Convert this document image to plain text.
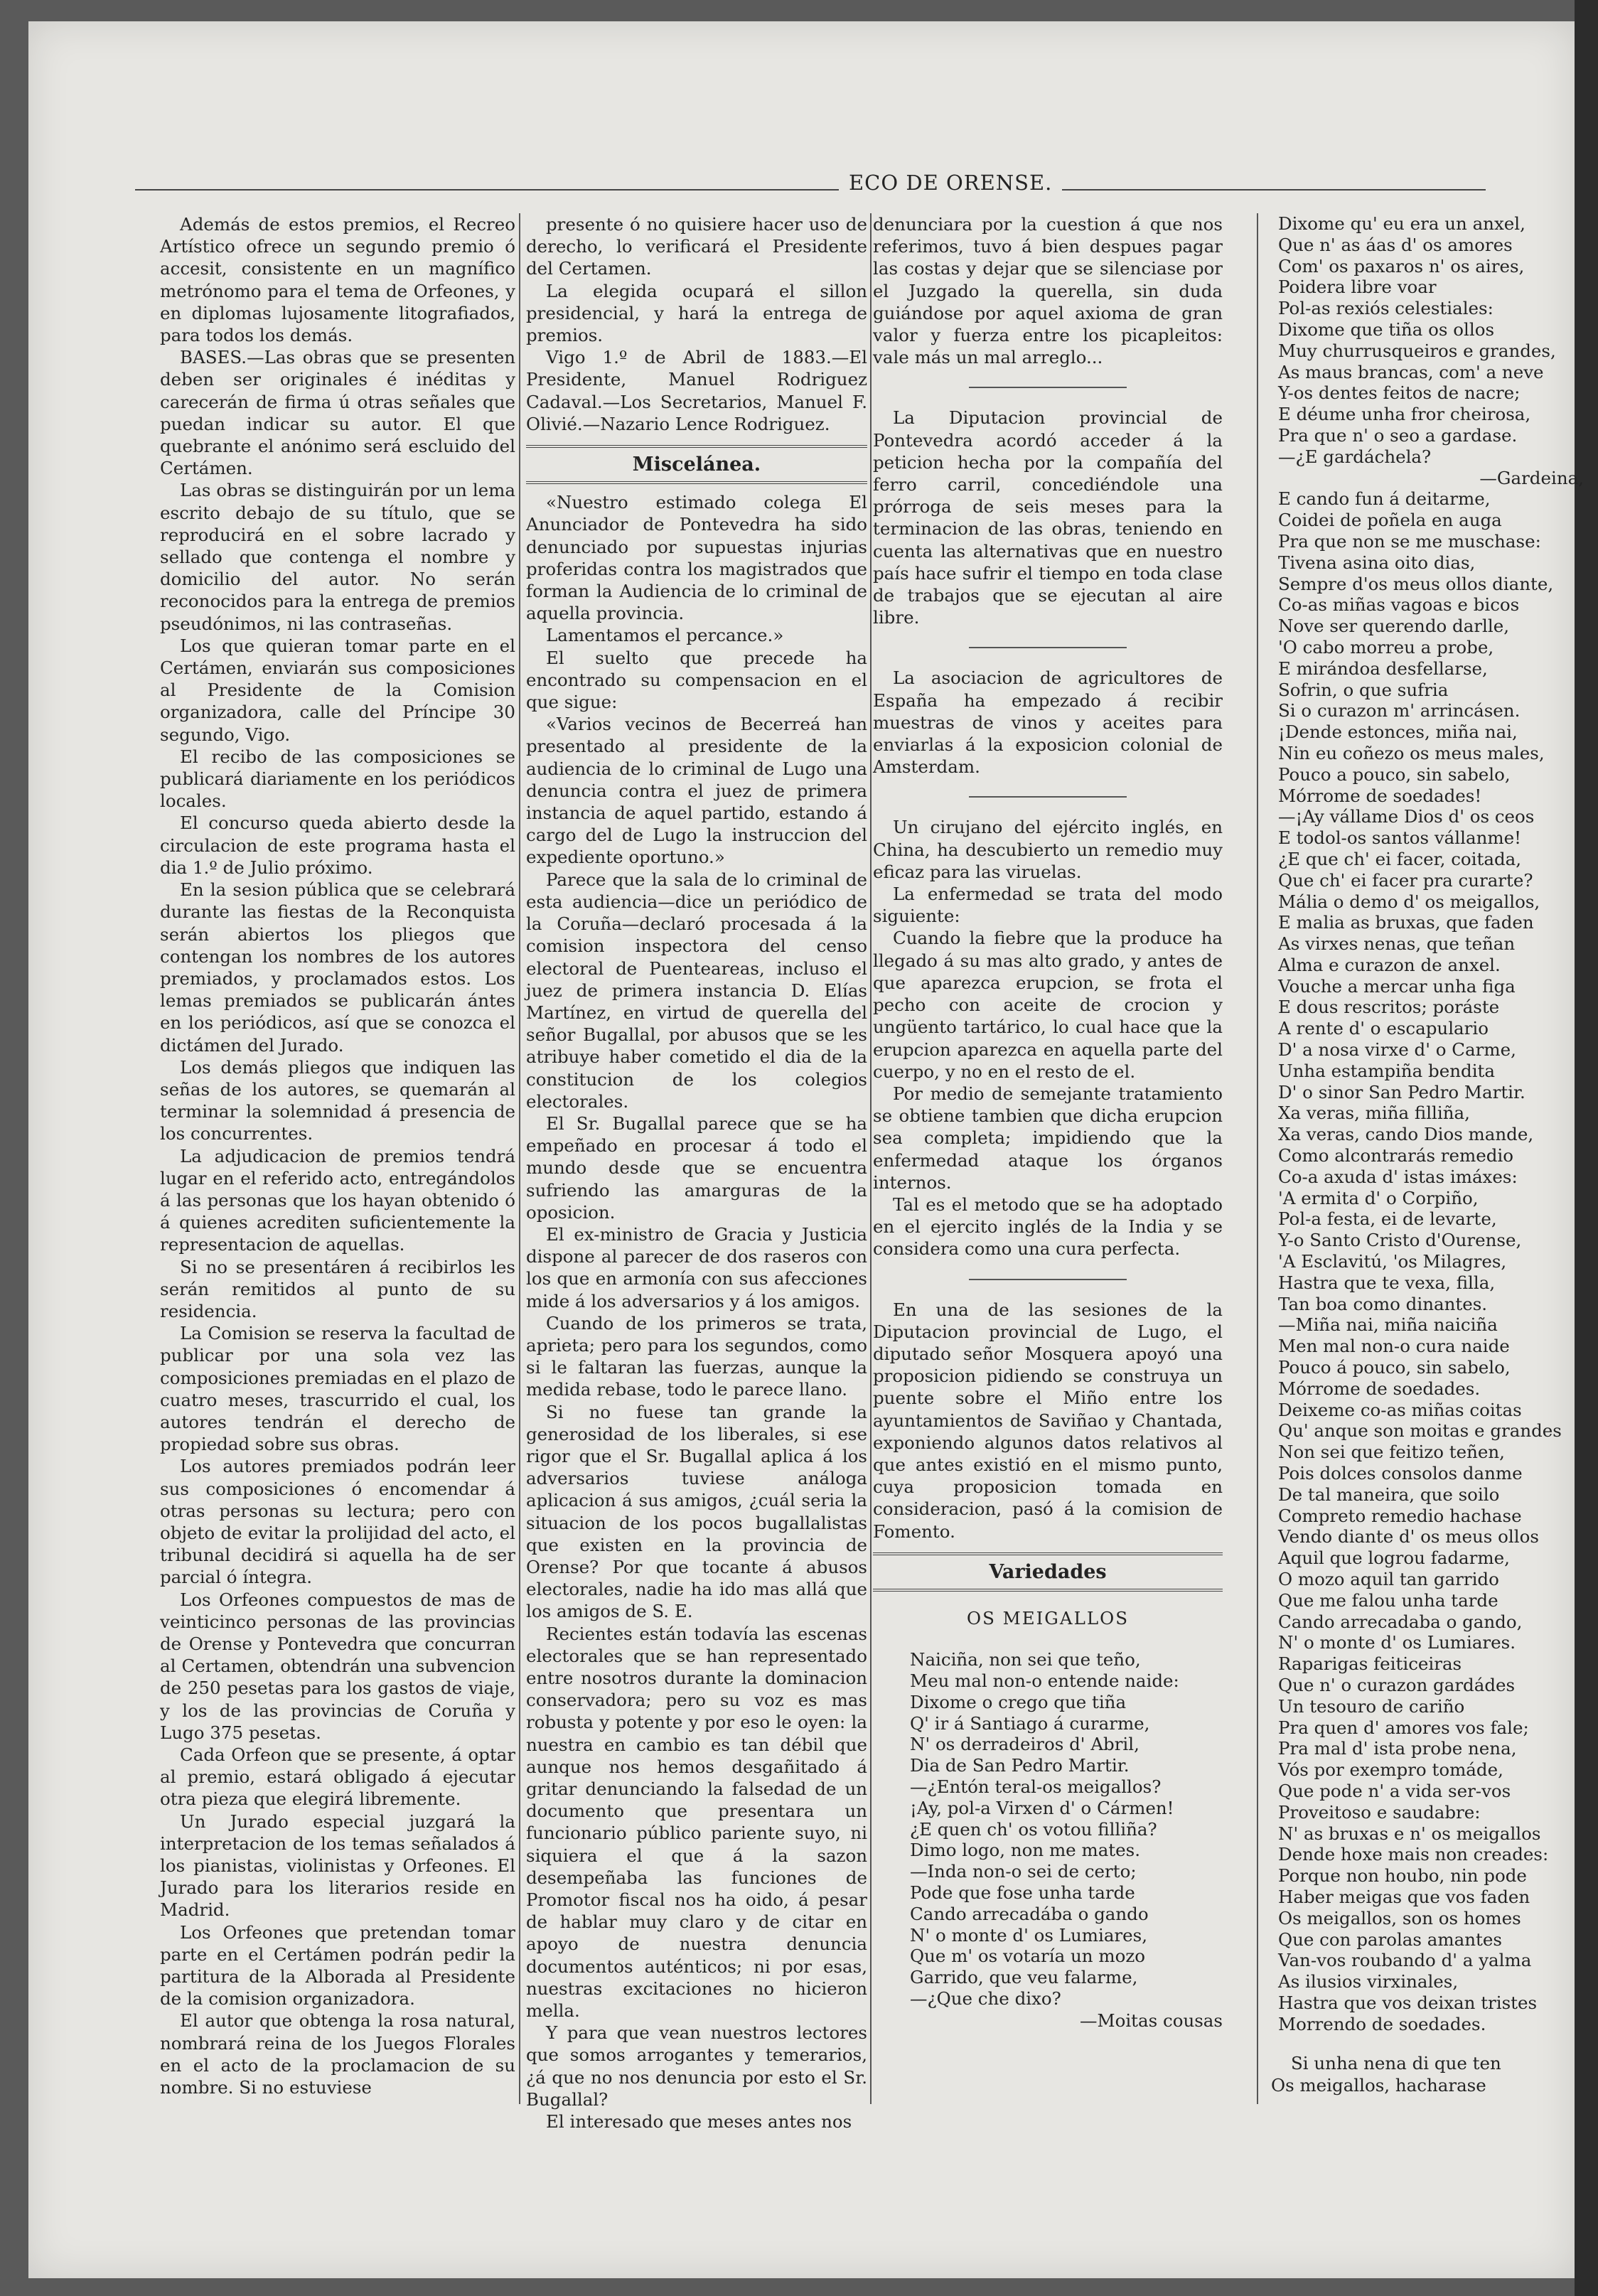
ECO DE ORENSE.

Además de estos premios, el Recreo Artístico ofrece un segundo premio ó accesit, consistente en un magnífico metrónomo para el tema de Orfeones, y en diplomas lujosamente litografiados, para todos los demás.

BASES.—Las obras que se presenten deben ser originales é inéditas y carecerán de firma ú otras señales que puedan indicar su autor. El que quebrante el anónimo será escluido del Certámen.

Las obras se distinguirán por un lema escrito debajo de su título, que se reproducirá en el sobre lacrado y sellado que contenga el nombre y domicilio del autor. No serán reconocidos para la entrega de premios pseudónimos, ni las contraseñas.

Los que quieran tomar parte en el Certámen, enviarán sus composiciones al Presidente de la Comision organizadora, calle del Príncipe 30 segundo, Vigo.

El recibo de las composiciones se publicará diariamente en los periódicos locales.

El concurso queda abierto desde la circulacion de este programa hasta el dia 1.º de Julio próximo.

En la sesion pública que se celebrará durante las fiestas de la Reconquista serán abiertos los pliegos que contengan los nombres de los autores premiados, y proclamados estos. Los lemas premiados se publicarán ántes en los periódicos, así que se conozca el dictámen del Jurado.

Los demás pliegos que indiquen las señas de los autores, se quemarán al terminar la solemnidad á presencia de los concurrentes.

La adjudicacion de premios tendrá lugar en el referido acto, entregándolos á las personas que los hayan obtenido ó á quienes acrediten suficientemente la representacion de aquellas.

Si no se presentáren á recibirlos les serán remitidos al punto de su residencia.

La Comision se reserva la facultad de publicar por una sola vez las composiciones premiadas en el plazo de cuatro meses, trascurrido el cual, los autores tendrán el derecho de propiedad sobre sus obras.

Los autores premiados podrán leer sus composiciones ó encomendar á otras personas su lectura; pero con objeto de evitar la prolijidad del acto, el tribunal decidirá si aquella ha de ser parcial ó íntegra.

Los Orfeones compuestos de mas de veinticinco personas de las provincias de Orense y Pontevedra que concurran al Certamen, obtendrán una subvencion de 250 pesetas para los gastos de viaje, y los de las provincias de Coruña y Lugo 375 pesetas.

Cada Orfeon que se presente, á optar al premio, estará obligado á ejecutar otra pieza que elegirá libremente.

Un Jurado especial juzgará la interpretacion de los temas señalados á los pianistas, violinistas y Orfeones. El Jurado para los literarios reside en Madrid.

Los Orfeones que pretendan tomar parte en el Certámen podrán pedir la partitura de la Alborada al Presidente de la comision organizadora.

El autor que obtenga la rosa natural, nombrará reina de los Juegos Florales en el acto de la proclamacion de su nombre. Si no estuviese

presente ó no quisiere hacer uso de derecho, lo verificará el Presidente del Certamen.

La elegida ocupará el sillon presidencial, y hará la entrega de premios.

Vigo 1.º de Abril de 1883.—El Presidente, Manuel Rodriguez Cadaval.—Los Secretarios, Manuel F. Olivié.—Nazario Lence Rodriguez.

Miscelánea.

«Nuestro estimado colega El Anunciador de Pontevedra ha sido denunciado por supuestas injurias proferidas contra los magistrados que forman la Audiencia de lo criminal de aquella provincia.

Lamentamos el percance.»

El suelto que precede ha encontrado su compensacion en el que sigue:

«Varios vecinos de Becerreá han presentado al presidente de la audiencia de lo criminal de Lugo una denuncia contra el juez de primera instancia de aquel partido, estando á cargo del de Lugo la instruccion del expediente oportuno.»

Parece que la sala de lo criminal de esta audiencia—dice un periódico de la Coruña—declaró procesada á la comision inspectora del censo electoral de Puenteareas, incluso el juez de primera instancia D. Elías Martínez, en virtud de querella del señor Bugallal, por abusos que se les atribuye haber cometido el dia de la constitucion de los colegios electorales.

El Sr. Bugallal parece que se ha empeñado en procesar á todo el mundo desde que se encuentra sufriendo las amarguras de la oposicion.

El ex-ministro de Gracia y Justicia dispone al parecer de dos raseros con los que en armonía con sus afecciones mide á los adversarios y á los amigos.

Cuando de los primeros se trata, aprieta; pero para los segundos, como si le faltaran las fuerzas, aunque la medida rebase, todo le parece llano.

Si no fuese tan grande la generosidad de los liberales, si ese rigor que el Sr. Bugallal aplica á los adversarios tuviese análoga aplicacion á sus amigos, ¿cuál seria la situacion de los pocos bugallalistas que existen en la provincia de Orense? Por que tocante á abusos electorales, nadie ha ido mas allá que los amigos de S. E.

Recientes están todavía las escenas electorales que se han representado entre nosotros durante la dominacion conservadora; pero su voz es mas robusta y potente y por eso le oyen: la nuestra en cambio es tan débil que aunque nos hemos desgañitado á gritar denunciando la falsedad de un documento que presentara un funcionario público pariente suyo, ni siquiera el que á la sazon desempeñaba las funciones de Promotor fiscal nos ha oido, á pesar de hablar muy claro y de citar en apoyo de nuestra denuncia documentos auténticos; ni por esas, nuestras excitaciones no hicieron mella.

Y para que vean nuestros lectores que somos arrogantes y temerarios, ¿á que no nos denuncia por esto el Sr. Bugallal?

El interesado que meses antes nos

denunciara por la cuestion á que nos referimos, tuvo á bien despues pagar las costas y dejar que se silenciase por el Juzgado la querella, sin duda guiándose por aquel axioma de gran valor y fuerza entre los picapleitos: vale más un mal arreglo...

La Diputacion provincial de Pontevedra acordó acceder á la peticion hecha por la compañía del ferro carril, concediéndole una prórroga de seis meses para la terminacion de las obras, teniendo en cuenta las alternativas que en nuestro país hace sufrir el tiempo en toda clase de trabajos que se ejecutan al aire libre.

La asociacion de agricultores de España ha empezado á recibir muestras de vinos y aceites para enviarlas á la exposicion colonial de Amsterdam.

Un cirujano del ejército inglés, en China, ha descubierto un remedio muy eficaz para las viruelas.

La enfermedad se trata del modo siguiente:

Cuando la fiebre que la produce ha llegado á su mas alto grado, y antes de que aparezca erupcion, se frota el pecho con aceite de crocion y ungüento tartárico, lo cual hace que la erupcion aparezca en aquella parte del cuerpo, y no en el resto de el.

Por medio de semejante tratamiento se obtiene tambien que dicha erupcion sea completa; impidiendo que la enfermedad ataque los órganos internos.

Tal es el metodo que se ha adoptado en el ejercito inglés de la India y se considera como una cura perfecta.

En una de las sesiones de la Diputacion provincial de Lugo, el diputado señor Mosquera apoyó una proposicion pidiendo se construya un puente sobre el Miño entre los ayuntamientos de Saviñao y Chantada, exponiendo algunos datos relativos al que antes existió en el mismo punto, cuya proposicion tomada en consideracion, pasó á la comision de Fomento.

Variedades

OS MEIGALLOS

Naiciña, non sei que teño,
Meu mal non-o entende naide:
Dixome o crego que tiña
Q' ir á Santiago á curarme,
N' os derradeiros d' Abril,
Dia de San Pedro Martir.
—¿Entón teral-os meigallos?
¡Ay, pol-a Virxen d' o Cármen!
¿E quen ch' os votou filliña?
Dimo logo, non me mates.
—Inda non-o sei de certo;
Pode que fose unha tarde
Cando arrecadába o gando
N' o monte d' os Lumiares,
Que m' os votaría un mozo
Garrido, que veu falarme,
—¿Que che dixo?

—Moitas cousas

Dixome qu' eu era un anxel,
Que n' as áas d' os amores
Com' os paxaros n' os aires,
Poidera libre voar
Pol-as rexiós celestiales:
Dixome que tiña os ollos
Muy churrusqueiros e grandes,
As maus brancas, com' a neve
Y-os dentes feitos de nacre;
E déume unha fror cheirosa,
Pra que n' o seo a gardase.
—¿E gardáchela?
—Gardeina,
E cando fun á deitarme,
Coidei de poñela en auga
Pra que non se me muschase:
Tivena asina oito dias,
Sempre d'os meus ollos diante,
Co-as miñas vagoas e bicos
Nove ser querendo darlle,
'O cabo morreu a probe,
E mirándoa desfellarse,
Sofrin, o que sufria
Si o curazon m' arrincásen.
¡Dende estonces, miña nai,
Nin eu coñezo os meus males,
Pouco a pouco, sin sabelo,
Mórrome de soedades!
—¡Ay vállame Dios d' os ceos
E todol-os santos vállanme!
¿E que ch' ei facer, coitada,
Que ch' ei facer pra curarte?
Mália o demo d' os meigallos,
E malia as bruxas, que faden
As virxes nenas, que teñan
Alma e curazon de anxel.
Vouche a mercar unha figa
E dous rescritos; poráste
A rente d' o escapulario
D' a nosa virxe d' o Carme,
Unha estampiña bendita
D' o sinor San Pedro Martir.
Xa veras, miña filliña,
Xa veras, cando Dios mande,
Como alcontrarás remedio
Co-a axuda d' istas imáxes:
'A ermita d' o Corpiño,
Pol-a festa, ei de levarte,
Y-o Santo Cristo d'Ourense,
'A Esclavitú, 'os Milagres,
Hastra que te vexa, filla,
Tan boa como dinantes.
—Miña nai, miña naiciña
Men mal non-o cura naide
Pouco á pouco, sin sabelo,
Mórrome de soedades.
Deixeme co-as miñas coitas
Qu' anque son moitas e grandes
Non sei que feitizo teñen,
Pois dolces consolos danme
De tal maneira, que soilo
Compreto remedio hachase
Vendo diante d' os meus ollos
Aquil que logrou fadarme,
O mozo aquil tan garrido
Que me falou unha tarde
Cando arrecadaba o gando,
N' o monte d' os Lumiares.
Raparigas feiticeiras
Que n' o curazon gardádes
Un tesouro de cariño
Pra quen d' amores vos fale;
Pra mal d' ista probe nena,
Vós por exempro tomáde,
Que pode n' a vida ser-vos
Proveitoso e saudabre:
N' as bruxas e n' os meigallos
Dende hoxe mais non creades:
Porque non houbo, nin pode
Haber meigas que vos faden
Os meigallos, son os homes
Que con parolas amantes
Van-vos roubando d' a yalma
As ilusios virxinales,
Hastra que vos deixan tristes
Morrendo de soedades.

Si unha nena di que ten

Os meigallos, hacharase
